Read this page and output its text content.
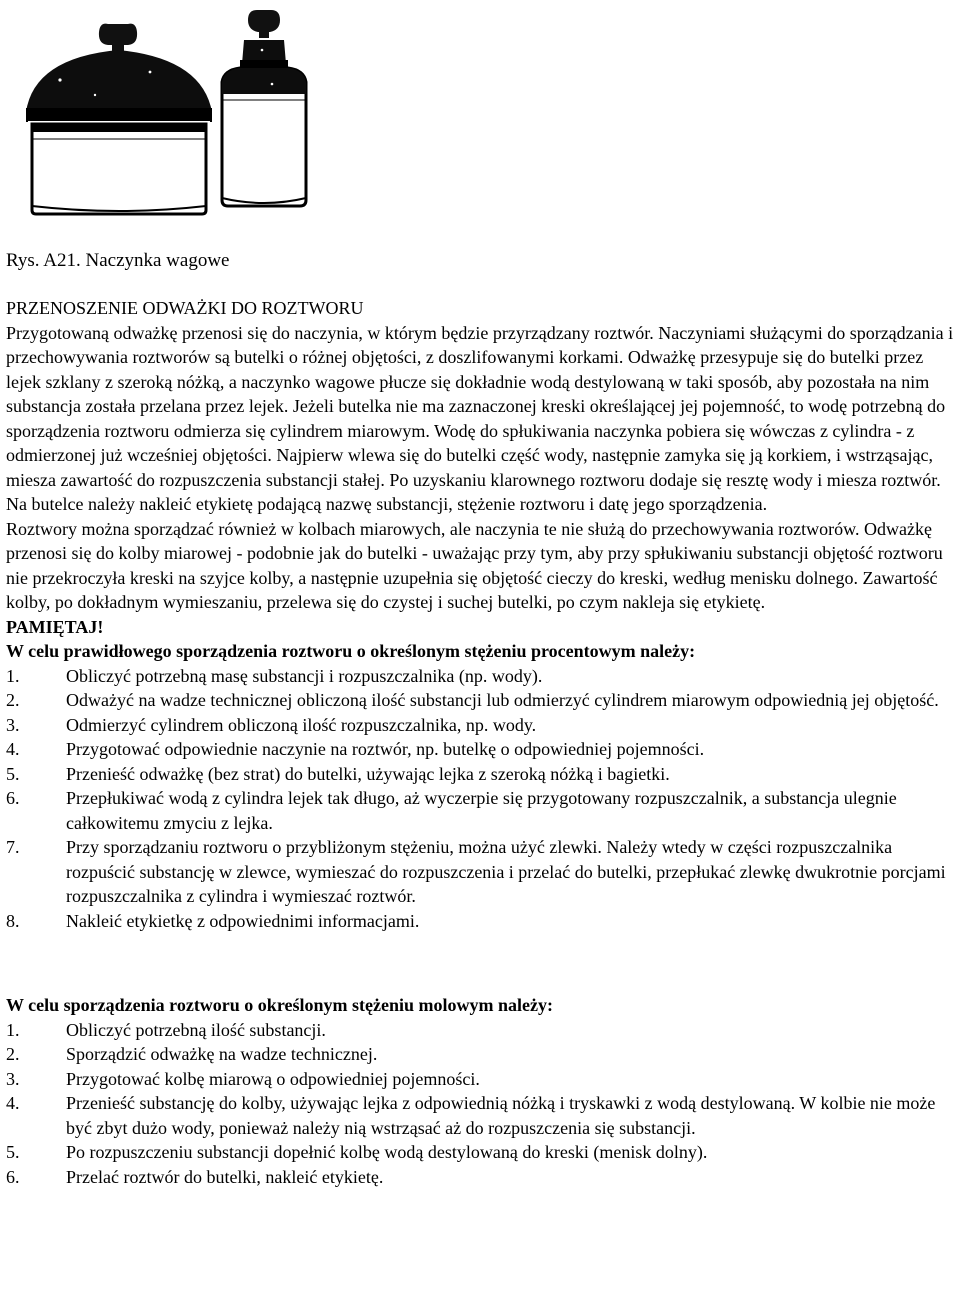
Rys. A21. Naczynka wagowe

PRZENOSZENIE ODWAŻKI DO ROZTWORU

Przygotowaną odważkę przenosi się do naczynia, w którym będzie przyrządzany roztwór. Naczyniami służącymi do sporządzania i przechowywania roztworów są butelki o różnej objętości, z doszlifowanymi korkami. Odważkę przesypuje się do butelki przez lejek szklany z szeroką nóżką, a naczynko wagowe płucze się dokładnie wodą destylowaną w taki sposób, aby pozostała na nim substancja została przelana przez lejek. Jeżeli butelka nie ma zaznaczonej kreski określającej jej pojemność, to wodę potrzebną do sporządzenia roztworu odmierza się cylindrem miarowym. Wodę do spłukiwania naczynka pobiera się wówczas z cylindra - z odmierzonej już wcześniej objętości. Najpierw wlewa się do butelki część wody, następnie zamyka się ją korkiem, i wstrząsając, miesza zawartość do rozpuszczenia substancji stałej. Po uzyskaniu klarownego roztworu dodaje się resztę wody i miesza roztwór. Na butelce należy nakleić etykietę podającą nazwę substancji, stężenie roztworu i datę jego sporządzenia.

Roztwory można sporządzać również w kolbach miarowych, ale naczynia te nie służą do przechowywania roztworów. Odważkę przenosi się do kolby miarowej - podobnie jak do butelki - uważając przy tym, aby przy spłukiwaniu substancji objętość roztworu nie przekroczyła kreski na szyjce kolby, a następnie uzupełnia się objętość cieczy do kreski, według menisku dolnego. Zawartość kolby, po dokładnym wymieszaniu, przelewa się do czystej i suchej butelki, po czym nakleja się etykietę.

PAMIĘTAJ!

W celu prawidłowego sporządzenia roztworu o określonym stężeniu procentowym należy:

1.	Obliczyć potrzebną masę substancji i rozpuszczalnika (np. wody).
2.	Odważyć na wadze technicznej obliczoną ilość substancji lub odmierzyć cylindrem miarowym odpowiednią jej objętość.
3.	Odmierzyć cylindrem obliczoną ilość rozpuszczalnika, np. wody.
4.	Przygotować odpowiednie naczynie na roztwór, np. butelkę o odpowiedniej pojemności.
5.	Przenieść odważkę (bez strat) do butelki, używając lejka z szeroką nóżką i bagietki.
6.	Przepłukiwać wodą z cylindra lejek tak długo, aż wyczerpie się przygotowany rozpuszczalnik, a substancja ulegnie całkowitemu zmyciu z lejka.
7.	Przy sporządzaniu roztworu o przybliżonym stężeniu, można użyć zlewki. Należy wtedy w części rozpuszczalnika rozpuścić substancję w zlewce, wymieszać do rozpuszczenia i przelać do butelki, przepłukać zlewkę dwukrotnie porcjami rozpuszczalnika z cylindra i wymieszać roztwór.
8.	Nakleić etykietkę z odpowiednimi informacjami.

W celu sporządzenia roztworu o określonym stężeniu molowym należy:

1.	Obliczyć potrzebną ilość substancji.
2.	Sporządzić odważkę na wadze technicznej.
3.	Przygotować kolbę miarową o odpowiedniej pojemności.
4.	Przenieść substancję do kolby, używając lejka z odpowiednią nóżką i tryskawki z wodą destylowaną. W kolbie nie może być zbyt dużo wody, ponieważ należy nią wstrząsać aż do rozpuszczenia się substancji.
5.	Po rozpuszczeniu substancji dopełnić kolbę wodą destylowaną do kreski (menisk dolny).
6.	Przelać roztwór do butelki, nakleić etykietę.
